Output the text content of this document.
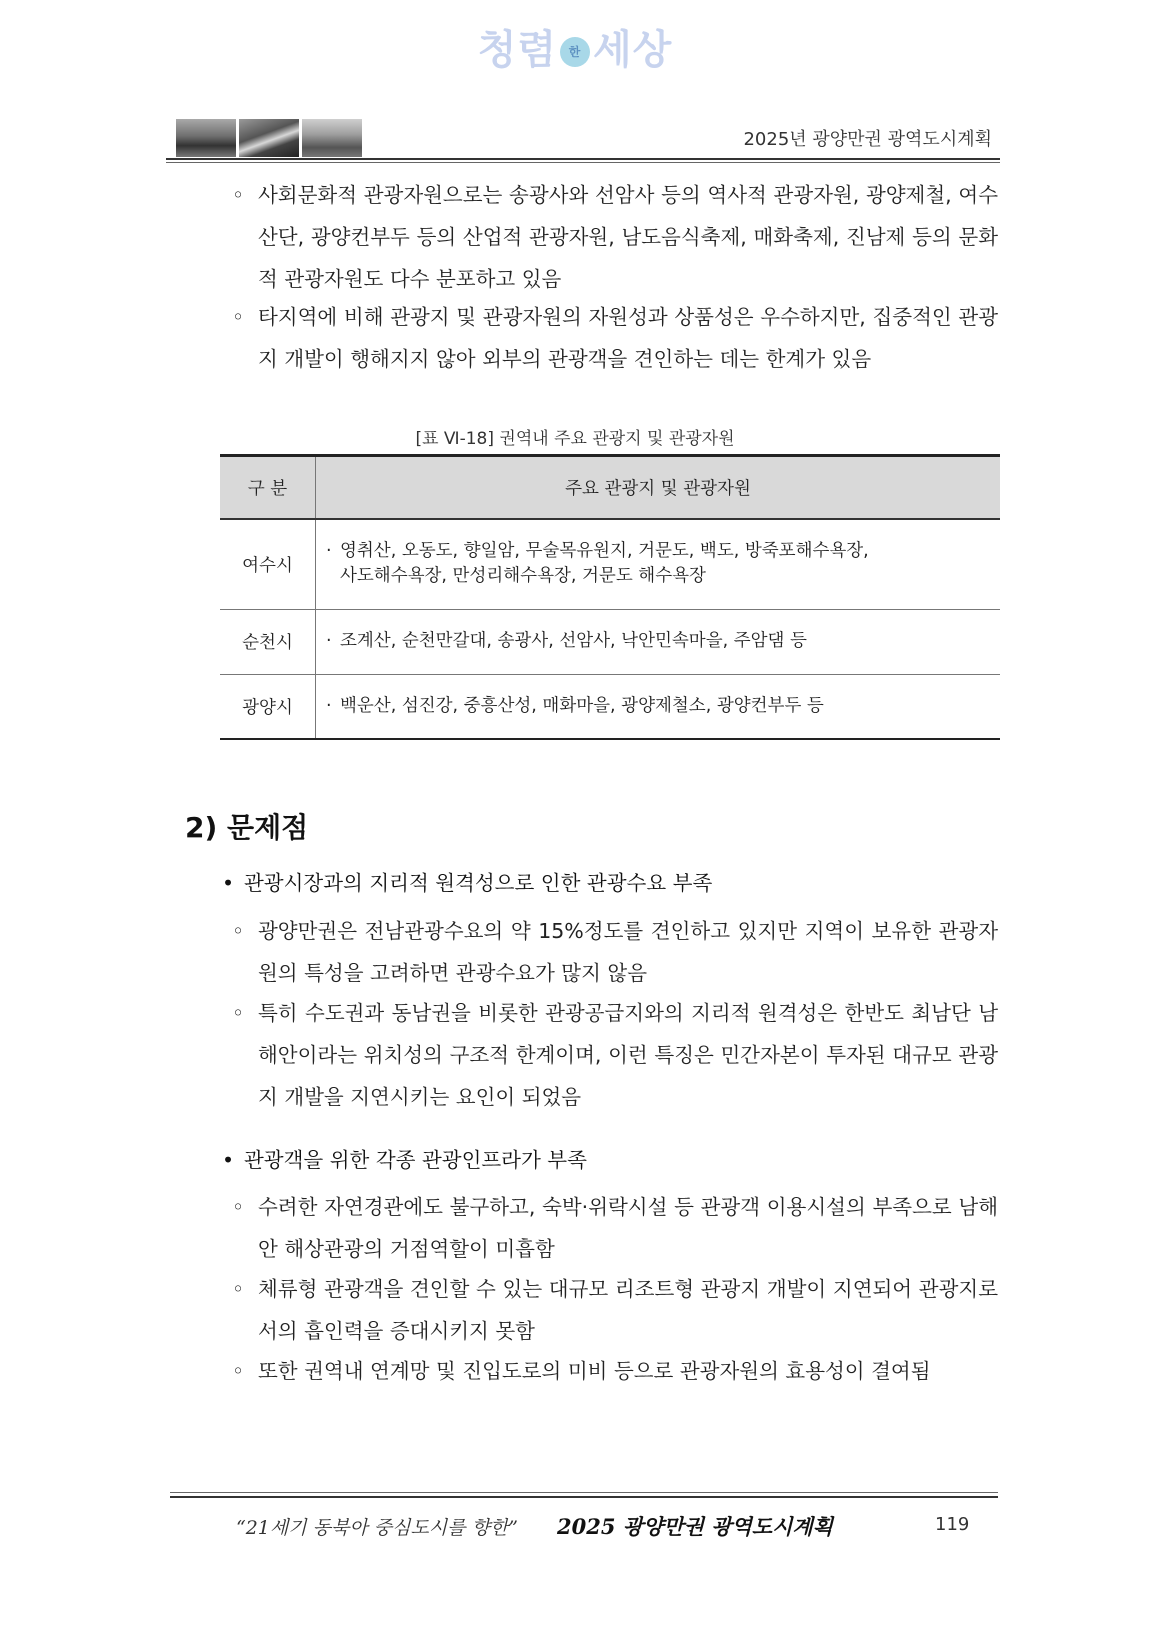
청렴 한 세상
2025년 광양만권 광역도시계획
◦ 사회문화적 관광자원으로는 송광사와 선암사 등의 역사적 관광자원, 광양제철, 여수산단, 광양컨부두 등의 산업적 관광자원, 남도음식축제, 매화축제, 진남제 등의 문화적 관광자원도 다수 분포하고 있음
◦ 타지역에 비해 관광지 및 관광자원의 자원성과 상품성은 우수하지만, 집중적인 관광지 개발이 행해지지 않아 외부의 관광객을 견인하는 데는 한계가 있음
[표 Ⅵ-18] 권역내 주요 관광지 및 관광자원
구 분	주요 관광지 및 관광자원
여수시	· 영취산, 오동도, 향일암, 무술목유원지, 거문도, 백도, 방죽포해수욕장,
사도해수욕장, 만성리해수욕장, 거문도 해수욕장

순천시	· 조계산, 순천만갈대, 송광사, 선암사, 낙안민속마을, 주암댐 등

광양시	· 백운산, 섬진강, 중흥산성, 매화마을, 광양제철소, 광양컨부두 등
2) 문제점
• 관광시장과의 지리적 원격성으로 인한 관광수요 부족
◦ 광양만권은 전남관광수요의 약 15%정도를 견인하고 있지만 지역이 보유한 관광자원의 특성을 고려하면 관광수요가 많지 않음
◦ 특히 수도권과 동남권을 비롯한 관광공급지와의 지리적 원격성은 한반도 최남단 남해안이라는 위치성의 구조적 한계이며, 이런 특징은 민간자본이 투자된 대규모 관광지 개발을 지연시키는 요인이 되었음
• 관광객을 위한 각종 관광인프라가 부족
◦ 수려한 자연경관에도 불구하고, 숙박·위락시설 등 관광객 이용시설의 부족으로 남해안 해상관광의 거점역할이 미흡함
◦ 체류형 관광객을 견인할 수 있는 대규모 리조트형 관광지 개발이 지연되어 관광지로서의 흡인력을 증대시키지 못함
◦ 또한 권역내 연계망 및 진입도로의 미비 등으로 관광자원의 효용성이 결여됨
“21세기 동북아 중심도시를 향한” 2025 광양만권 광역도시계획	119
